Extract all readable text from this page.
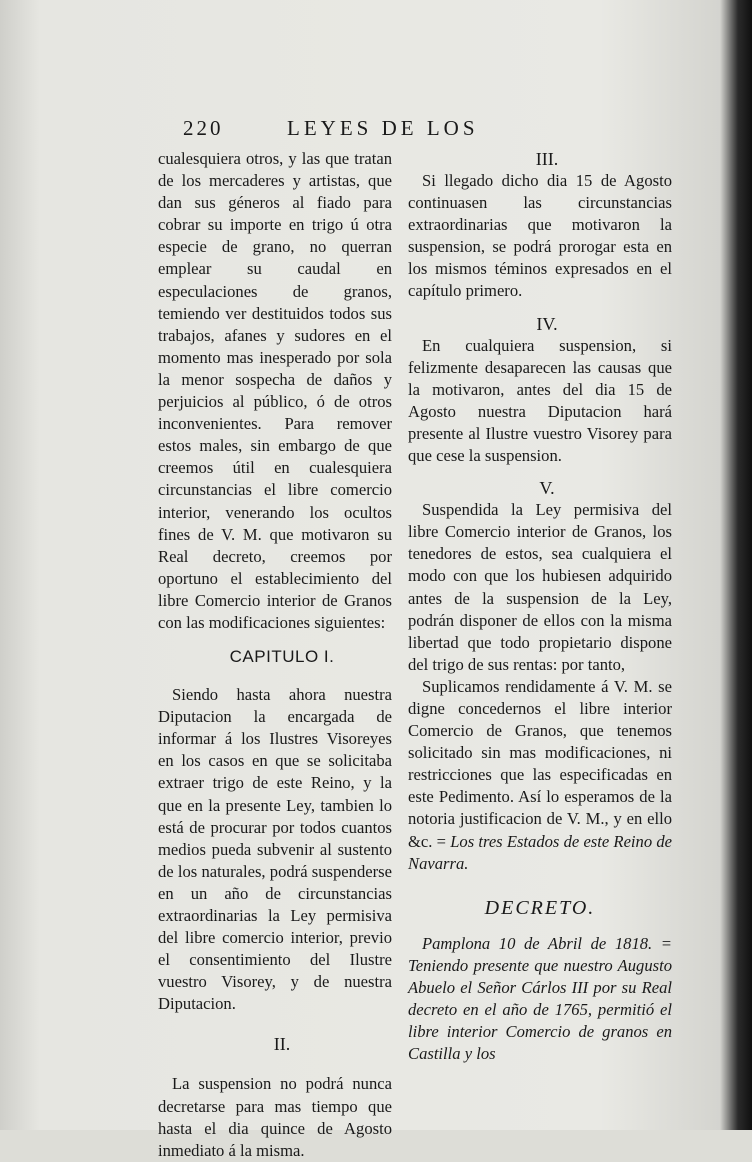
220	LEYES DE LOS

cualesquiera otros, y las que tratan de los mercaderes y artistas, que dan sus géneros al fiado para cobrar su importe en trigo ú otra especie de grano, no querran emplear su caudal en especulaciones de granos, temiendo ver destituidos todos sus trabajos, afanes y sudores en el momento mas inesperado por sola la menor sospecha de daños y perjuicios al público, ó de otros inconvenientes. Para remover estos males, sin embargo de que creemos útil en cualesquiera circunstancias el libre comercio interior, venerando los ocultos fines de V. M. que motivaron su Real decreto, creemos por oportuno el establecimiento del libre Comercio interior de Granos con las modificaciones siguientes:

CAPITULO I.

Siendo hasta ahora nuestra Diputacion la encargada de informar á los Ilustres Visoreyes en los casos en que se solicitaba extraer trigo de este Reino, y la que en la presente Ley, tambien lo está de procurar por todos cuantos medios pueda subvenir al sustento de los naturales, podrá suspenderse en un año de circunstancias extraordinarias la Ley permisiva del libre comercio interior, previo el consentimiento del Ilustre vuestro Visorey, y de nuestra Diputacion.

II.

La suspension no podrá nunca decretarse para mas tiempo que hasta el dia quince de Agosto inmediato á la misma.

III.

Si llegado dicho dia 15 de Agosto continuasen las circunstancias extraordinarias que motivaron la suspension, se podrá prorogar esta en los mismos téminos expresados en el capítulo primero.

IV.

En cualquiera suspension, si felizmente desaparecen las causas que la motivaron, antes del dia 15 de Agosto nuestra Diputacion hará presente al Ilustre vuestro Visorey para que cese la suspension.

V.

Suspendida la Ley permisiva del libre Comercio interior de Granos, los tenedores de estos, sea cualquiera el modo con que los hubiesen adquirido antes de la suspension de la Ley, podrán disponer de ellos con la misma libertad que todo propietario dispone del trigo de sus rentas: por tanto,

Suplicamos rendidamente á V. M. se digne concedernos el libre interior Comercio de Granos, que tenemos solicitado sin mas modificaciones, ni restricciones que las especificadas en este Pedimento. Así lo esperamos de la notoria justificacion de V. M., y en ello &c. = Los tres Estados de este Reino de Navarra.

DECRETO.

Pamplona 10 de Abril de 1818. = Teniendo presente que nuestro Augusto Abuelo el Señor Cárlos III por su Real decreto en el año de 1765, permitió el libre interior Comercio de granos en Castilla y los
